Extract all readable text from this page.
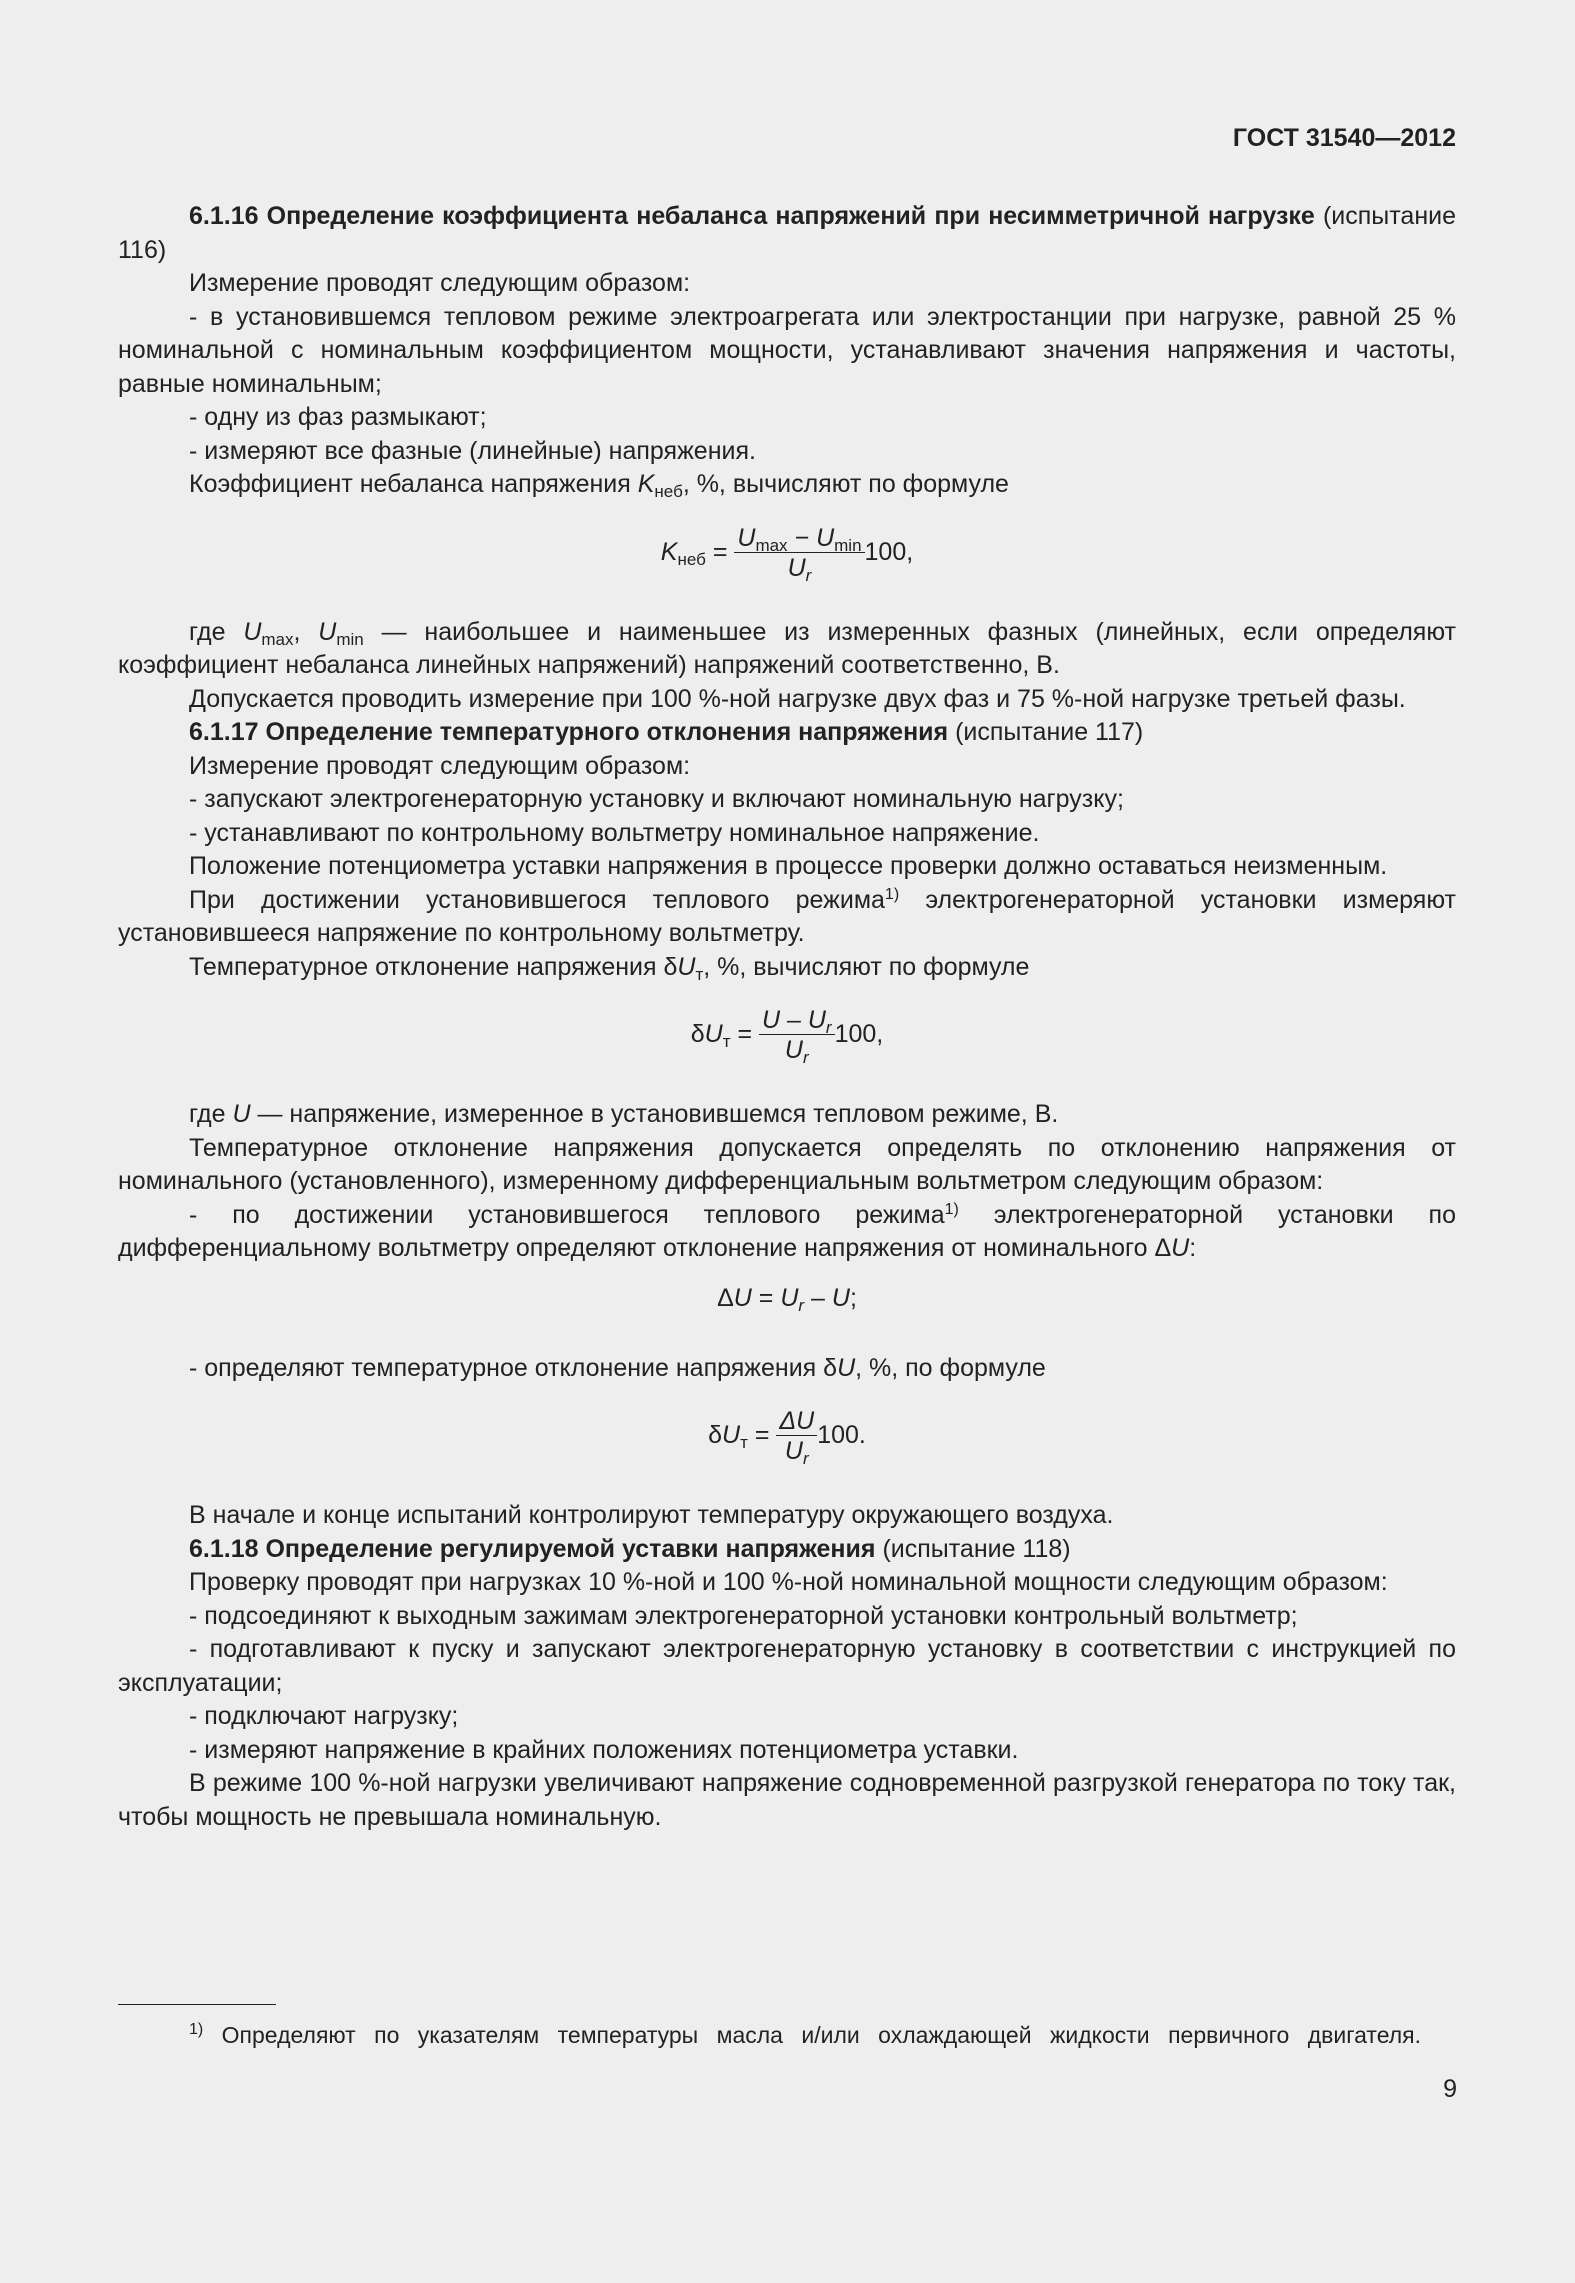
ГОСТ 31540—2012

6.1.16 Определение коэффициента небаланса напряжений при несимметричной нагрузке (испытание 116)

Измерение проводят следующим образом:

- в установившемся тепловом режиме электроагрегата или электростанции при нагрузке, равной 25 % номинальной с номинальным коэффициентом мощности, устанавливают значения напряжения и частоты, равные номинальным;

- одну из фаз размыкают;

- измеряют все фазные (линейные) напряжения.

Коэффициент небаланса напряжения $K_{неб}$, %, вычисляют по формуле

$K_{неб} = \frac{U_{max} - U_{min}}{U_r} 100$,

где $U_{max}$, $U_{min}$ — наибольшее и наименьшее из измеренных фазных (линейных, если определяют коэффициент небаланса линейных напряжений) напряжений соответственно, В.

Допускается проводить измерение при 100 %-ной нагрузке двух фаз и 75 %-ной нагрузке третьей фазы.

6.1.17 Определение температурного отклонения напряжения (испытание 117)

Измерение проводят следующим образом:

- запускают электрогенераторную установку и включают номинальную нагрузку;

- устанавливают по контрольному вольтметру номинальное напряжение.

Положение потенциометра уставки напряжения в процессе проверки должно оставаться неизменным.

При достижении установившегося теплового режима$^{1)}$ электрогенераторной установки измеряют установившееся напряжение по контрольному вольтметру.

Температурное отклонение напряжения $\delta U_т$, %, вычисляют по формуле

$\delta U_т = \frac{U - U_r}{U_r} 100$,

где U — напряжение, измеренное в установившемся тепловом режиме, В.

Температурное отклонение напряжения допускается определять по отклонению напряжения от номинального (установленного), измеренному дифференциальным вольтметром следующим образом:

- по достижении установившегося теплового режима$^{1)}$ электрогенераторной установки по дифференциальному вольтметру определяют отклонение напряжения от номинального ΔU:

$\Delta U = U_r - U$;

- определяют температурное отклонение напряжения δU, %, по формуле

$\delta U_т = \frac{\Delta U}{U_r} 100$.

В начале и конце испытаний контролируют температуру окружающего воздуха.

6.1.18 Определение регулируемой уставки напряжения (испытание 118)

Проверку проводят при нагрузках 10 %-ной и 100 %-ной номинальной мощности следующим образом:

- подсоединяют к выходным зажимам электрогенераторной установки контрольный вольтметр;

- подготавливают к пуску и запускают электрогенераторную установку в соответствии с инструкцией по эксплуатации;

- подключают нагрузку;

- измеряют напряжение в крайних положениях потенциометра уставки.

В режиме 100 %-ной нагрузки увеличивают напряжение содновременной разгрузкой генератора по току так, чтобы мощность не превышала номинальную.

$^{1)}$ Определяют по указателям температуры масла и/или охлаждающей жидкости первичного двигателя.
9
